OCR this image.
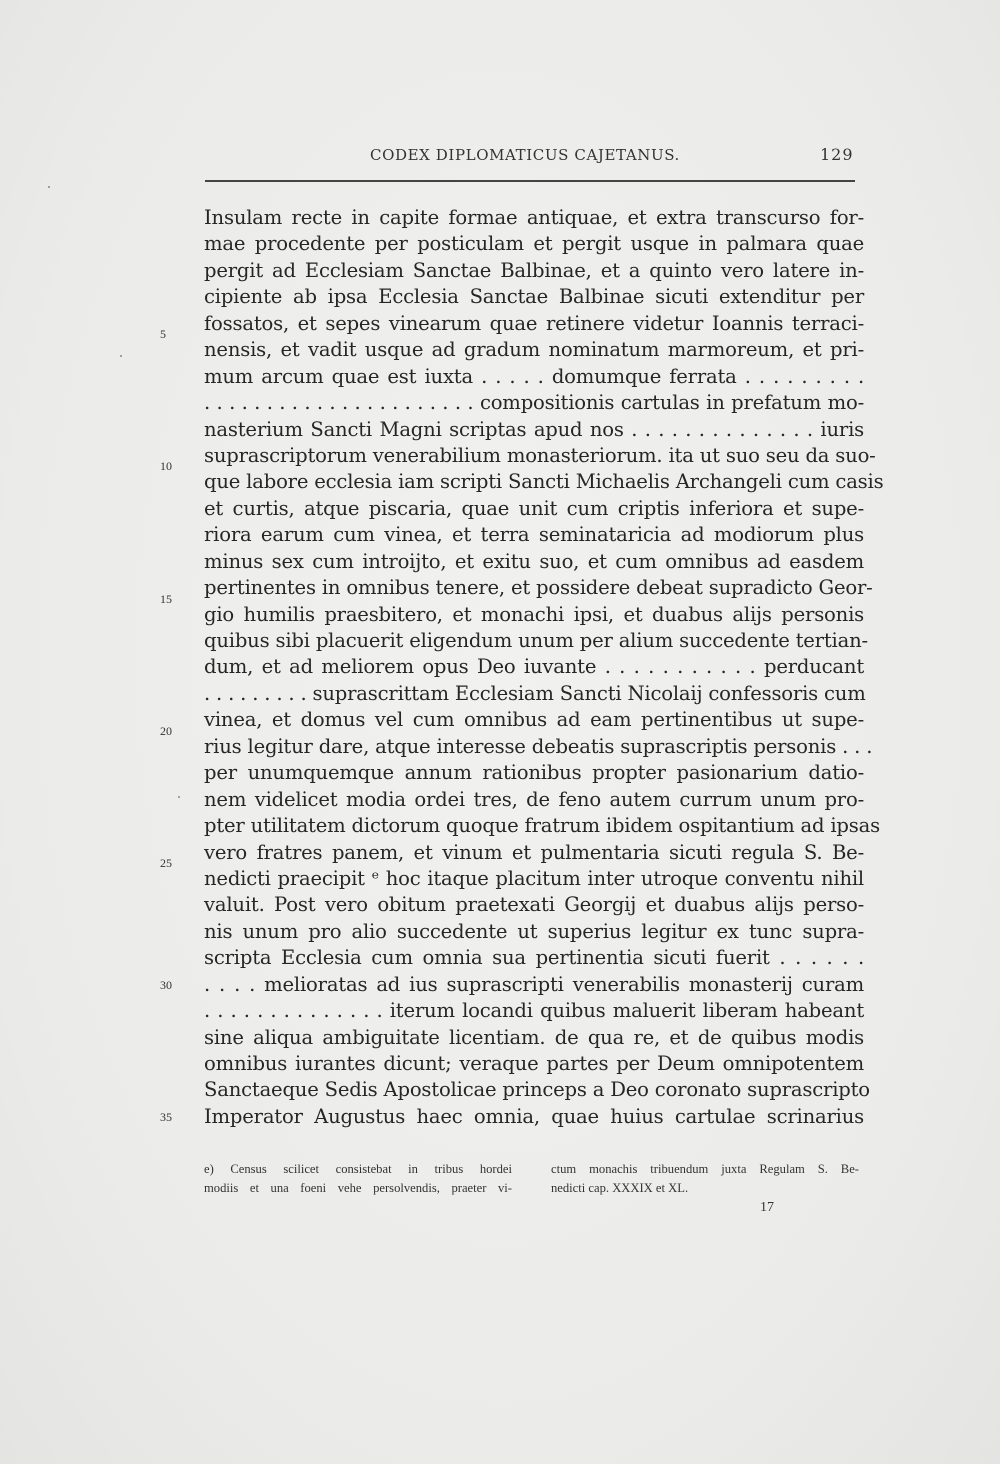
CODEX DIPLOMATICUS CAJETANUS.	129
5
10
15
20
25
30
35
Insulam recte in capite formae antiquae, et extra transcurso for-
mae procedente per posticulam et pergit usque in palmara quae
pergit ad Ecclesiam Sanctae Balbinae, et a quinto vero latere in-
cipiente ab ipsa Ecclesia Sanctae Balbinae sicuti extenditur per
fossatos, et sepes vinearum quae retinere videtur Ioannis terraci-
nensis, et vadit usque ad gradum nominatum marmoreum, et pri-
mum arcum quae est iuxta . . . . . domumque ferrata . . . . . . . . .
. . . . . . . . . . . . . . . . . . . . . . compositionis cartulas in prefatum mo-
nasterium Sancti Magni scriptas apud nos . . . . . . . . . . . . . . iuris
suprascriptorum venerabilium monasteriorum. ita ut suo seu da suo-
que labore ecclesia iam scripti Sancti Michaelis Archangeli cum casis
et curtis, atque piscaria, quae unit cum criptis inferiora et supe-
riora earum cum vinea, et terra seminataricia ad modiorum plus
minus sex cum introijto, et exitu suo, et cum omnibus ad easdem
pertinentes in omnibus tenere, et possidere debeat supradicto Geor-
gio humilis praesbitero, et monachi ipsi, et duabus alijs personis
quibus sibi placuerit eligendum unum per alium succedente tertian-
dum, et ad meliorem opus Deo iuvante . . . . . . . . . . . perducant
. . . . . . . . . suprascrittam Ecclesiam Sancti Nicolaij confessoris cum
vinea, et domus vel cum omnibus ad eam pertinentibus ut supe-
rius legitur dare, atque interesse debeatis suprascriptis personis . . .
per unumquemque annum rationibus propter pasionarium datio-
nem videlicet modia ordei tres, de feno autem currum unum pro-
pter utilitatem dictorum quoque fratrum ibidem ospitantium ad ipsas
vero fratres panem, et vinum et pulmentaria sicuti regula S. Be-
nedicti praecipit ᵉ hoc itaque placitum inter utroque conventu nihil
valuit. Post vero obitum praetexati Georgij et duabus alijs perso-
nis unum pro alio succedente ut superius legitur ex tunc supra-
scripta Ecclesia cum omnia sua pertinentia sicuti fuerit . . . . . .
. . . . melioratas ad ius suprascripti venerabilis monasterij curam
. . . . . . . . . . . . . . iterum locandi quibus maluerit liberam habeant
sine aliqua ambiguitate licentiam. de qua re, et de quibus modis
omnibus iurantes dicunt; veraque partes per Deum omnipotentem
Sanctaeque Sedis Apostolicae princeps a Deo coronato suprascripto
Imperator Augustus haec omnia, quae huius cartulae scrinarius
e) Census scilicet consistebat in tribus hordei
modiis et una foeni vehe persolvendis, praeter vi-
ctum monachis tribuendum juxta Regulam S. Be-
nedicti cap. XXXIX et XL.
17
